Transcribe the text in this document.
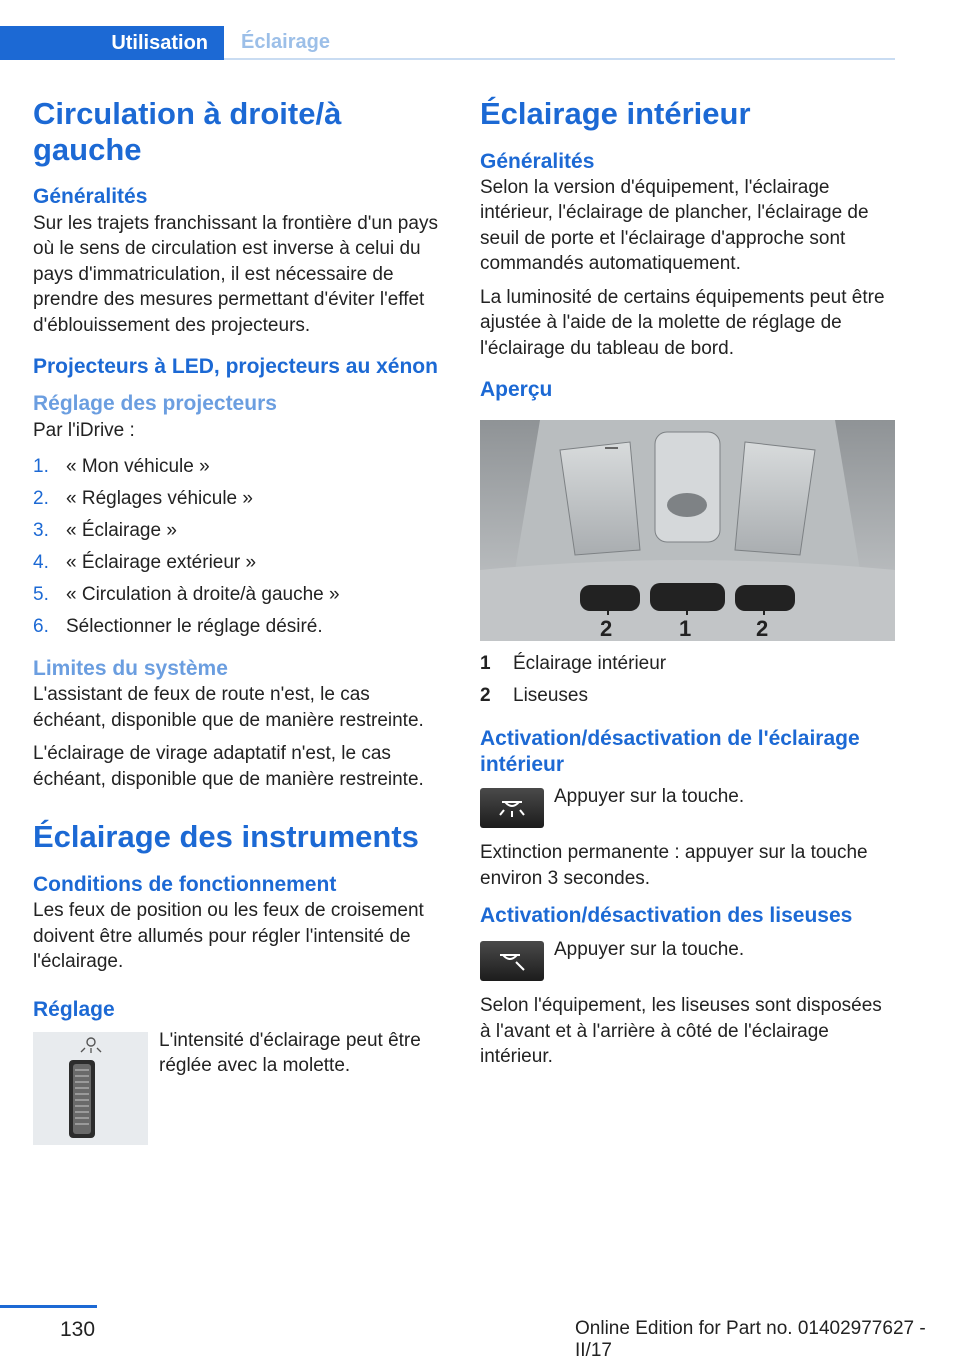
Utilisation	Éclairage
Circulation à droite/à gauche
Généralités

Sur les trajets franchissant la frontière d'un pays où le sens de circulation est inverse à celui du pays d'immatriculation, il est nécessaire de prendre des mesures permettant d'éviter l'effet d'éblouissement des projecteurs.

Projecteurs à LED, projecteurs au xénon
Réglage des projecteurs

Par l'iDrive :

1. « Mon véhicule »
2. « Réglages véhicule »
3. « Éclairage »
4. « Éclairage extérieur »
5. « Circulation à droite/à gauche »
6. Sélectionner le réglage désiré.
Limites du système

L'assistant de feux de route n'est, le cas échéant, disponible que de manière restreinte.

L'éclairage de virage adaptatif n'est, le cas échéant, disponible que de manière restreinte.

Éclairage des instruments
Conditions de fonctionnement

Les feux de position ou les feux de croisement doivent être allumés pour régler l'intensité de l'éclairage.

Réglage

L'intensité d'éclairage peut être réglée avec la molette.

Éclairage intérieur
Généralités

Selon la version d'équipement, l'éclairage intérieur, l'éclairage de plancher, l'éclairage de seuil de porte et l'éclairage d'approche sont commandés automatiquement.

La luminosité de certains équipements peut être ajustée à l'aide de la molette de réglage de l'éclairage du tableau de bord.

Aperçu
2	1	2
1	Éclairage intérieur
2	Liseuses
Activation/désactivation de l'éclairage intérieur

Appuyer sur la touche.

Extinction permanente : appuyer sur la touche environ 3 secondes.

Activation/désactivation des liseuses

Appuyer sur la touche.

Selon l'équipement, les liseuses sont disposées à l'avant et à l'arrière à côté de l'éclairage intérieur.

130	Online Edition for Part no. 01402977627 - II/17
